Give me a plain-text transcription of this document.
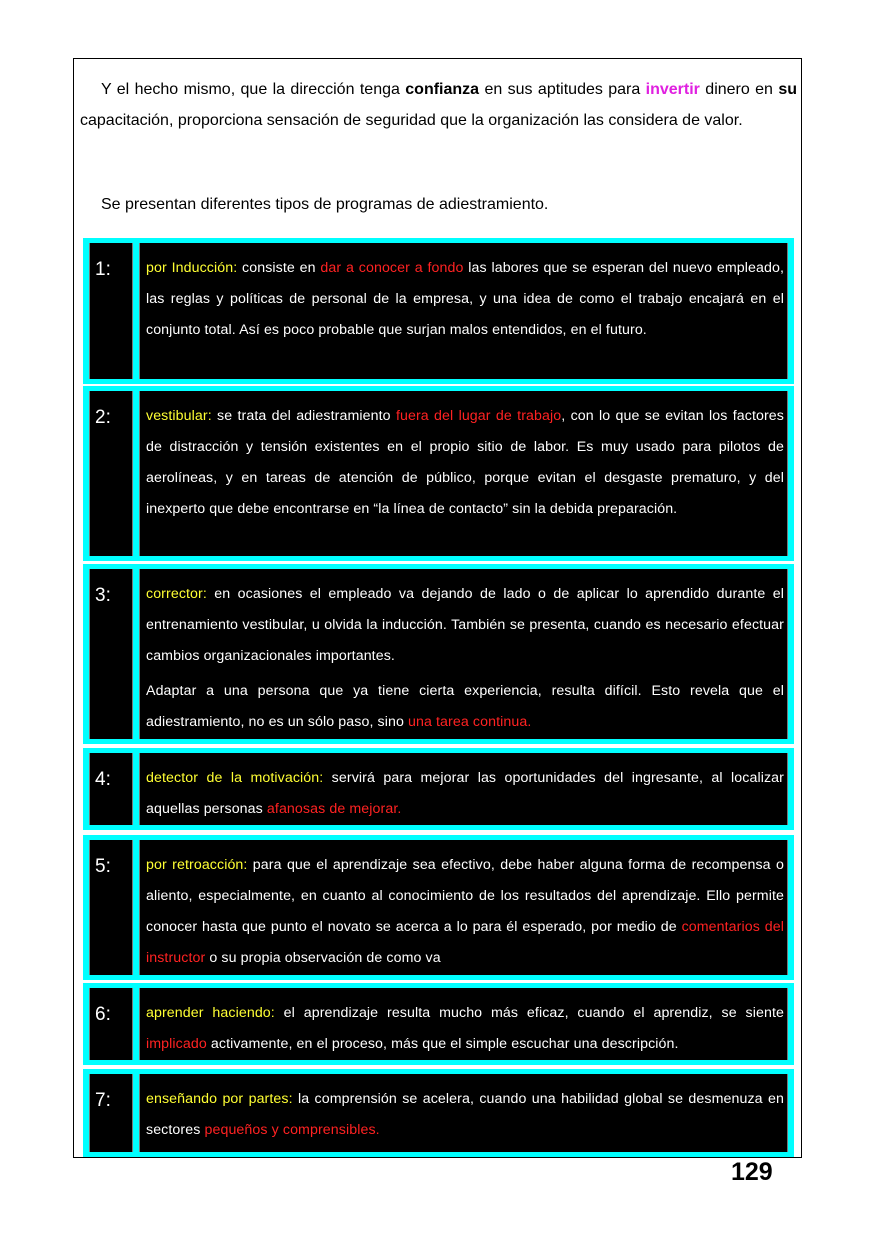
Y el hecho mismo, que la dirección tenga confianza en sus aptitudes para invertir dinero en su capacitación, proporciona sensación de seguridad que la organización las considera de valor.

Se presentan diferentes tipos de programas de adiestramiento.

1:	por Inducción: consiste en dar a conocer a fondo las labores que se esperan del nuevo empleado, las reglas y políticas de personal de la empresa, y una idea de como el trabajo encajará en el conjunto total. Así es poco probable que surjan malos entendidos, en el futuro.

2:	vestibular: se trata del adiestramiento fuera del lugar de trabajo, con lo que se evitan los factores de distracción y tensión existentes en el propio sitio de labor. Es muy usado para pilotos de aerolíneas, y en tareas de atención de público, porque evitan el desgaste prematuro, y del inexperto que debe encontrarse en “la línea de contacto” sin la debida preparación.

3:	corrector: en ocasiones el empleado va dejando de lado o de aplicar lo aprendido durante el entrenamiento vestibular, u olvida la inducción. También se presenta, cuando es necesario efectuar cambios organizacionales importantes.

Adaptar a una persona que ya tiene cierta experiencia, resulta difícil. Esto revela que el adiestramiento, no es un sólo paso, sino una tarea continua.

4:	detector de la motivación: servirá para mejorar las oportunidades del ingresante, al localizar aquellas personas afanosas de mejorar.

5:	por retroacción: para que el aprendizaje sea efectivo, debe haber alguna forma de recompensa o aliento, especialmente, en cuanto al conocimiento de los resultados del aprendizaje. Ello permite conocer hasta que punto el novato se acerca a lo para él esperado, por medio de comentarios del instructor o su propia observación de como va

6:	aprender haciendo: el aprendizaje resulta mucho más eficaz, cuando el aprendiz, se siente implicado activamente, en el proceso, más que el simple escuchar una descripción.

7:	enseñando por partes: la comprensión se acelera, cuando una habilidad global se desmenuza en sectores pequeños y comprensibles.

129
